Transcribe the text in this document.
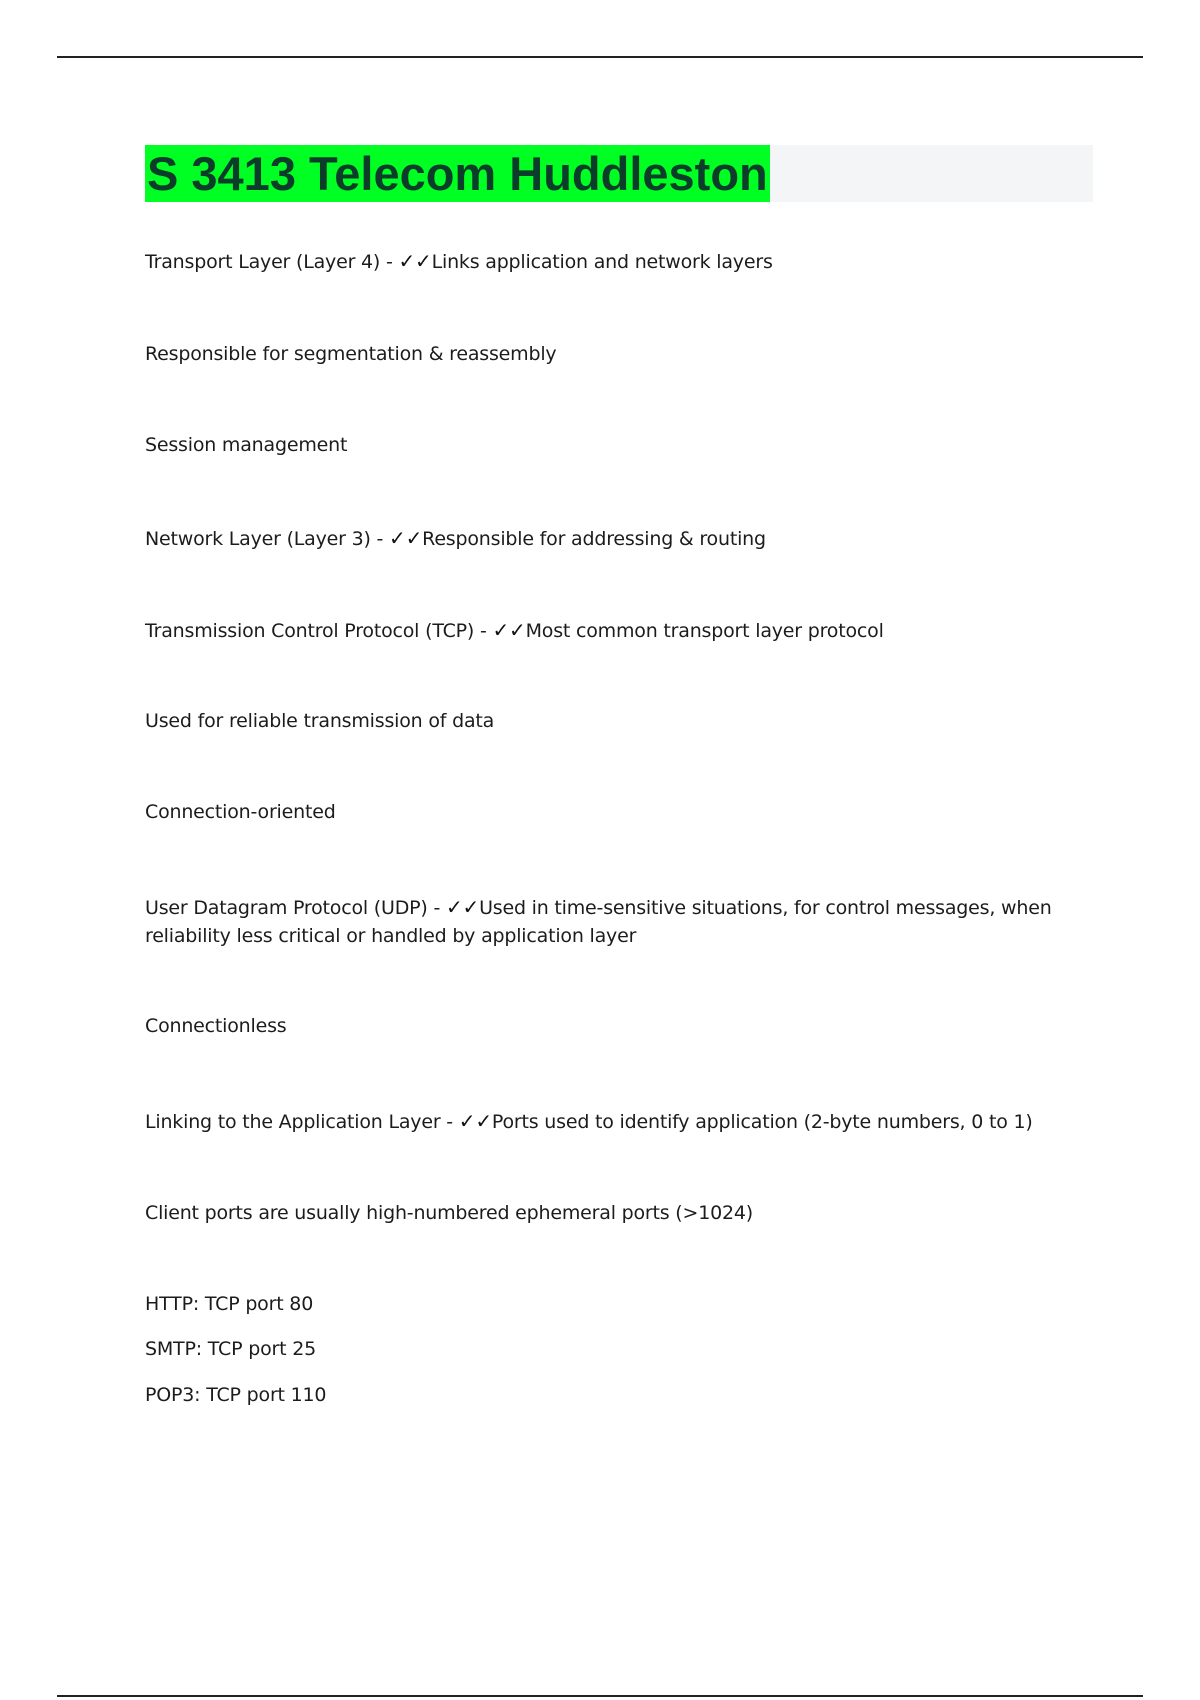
S 3413 Telecom Huddleston
Transport Layer (Layer 4) - ✓✓Links application and network layers
Responsible for segmentation & reassembly
Session management
Network Layer (Layer 3) - ✓✓Responsible for addressing & routing
Transmission Control Protocol (TCP) - ✓✓Most common transport layer protocol
Used for reliable transmission of data
Connection-oriented
User Datagram Protocol (UDP) - ✓✓Used in time-sensitive situations, for control messages, when reliability less critical or handled by application layer
Connectionless
Linking to the Application Layer - ✓✓Ports used to identify application (2-byte numbers, 0 to 1)
Client ports are usually high-numbered ephemeral ports (>1024)
HTTP: TCP port 80
SMTP: TCP port 25
POP3: TCP port 110
